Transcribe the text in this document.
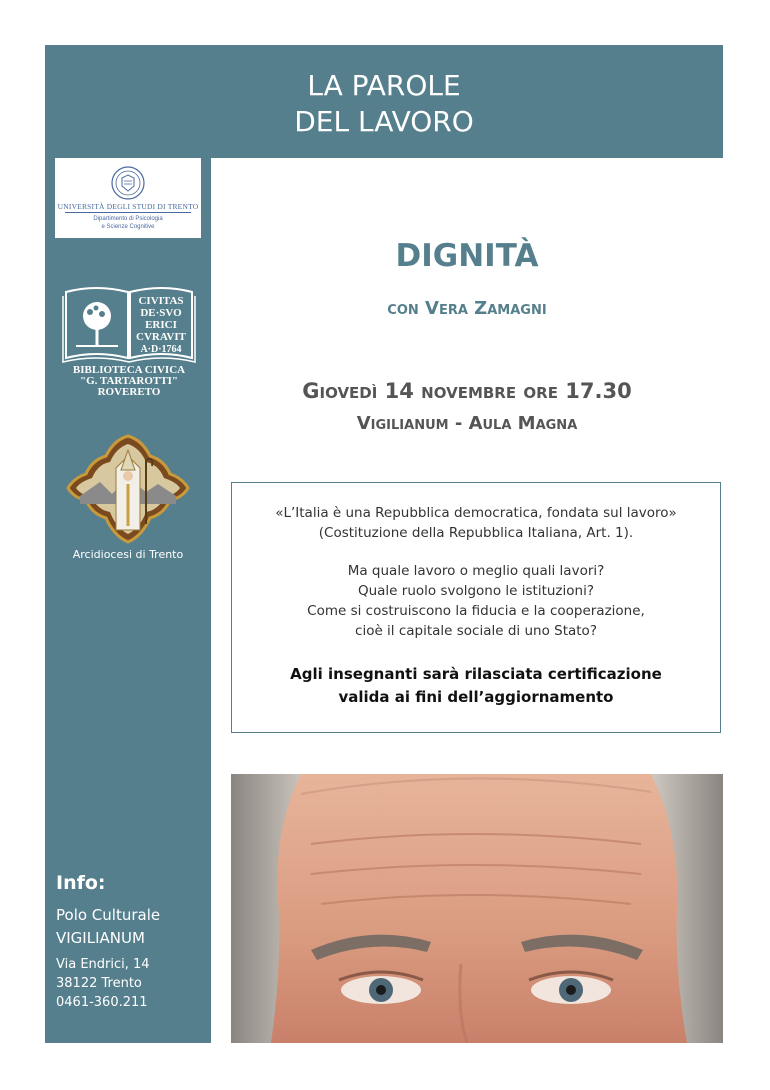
LA PAROLE
DEL LAVORO
UNIVERSITÀ DEGLI STUDI DI TRENTO
Dipartimento di Psicologia
e Scienze Cognitive
CIVITAS
DE·SVO
ERICI
CVRAVIT
A·D·1764
BIBLIOTECA CIVICA
"G. TARTAROTTI"
ROVERETO
Arcidiocesi di Trento
Info:
Polo Culturale
VIGILIANUM
Via Endrici, 14
38122 Trento
0461-360.211
DIGNITÀ
con Vera Zamagni
Giovedì 14 novembre ore 17.30
Vigilianum - Aula Magna
«L’Italia è una Repubblica democratica, fondata sul lavoro»
(Costituzione della Repubblica Italiana, Art. 1).
Ma quale lavoro o meglio quali lavori?
Quale ruolo svolgono le istituzioni?
Come si costruiscono la fiducia e la cooperazione,
cioè il capitale sociale di uno Stato?
Agli insegnanti sarà rilasciata certificazione
valida ai fini dell’aggiornamento
